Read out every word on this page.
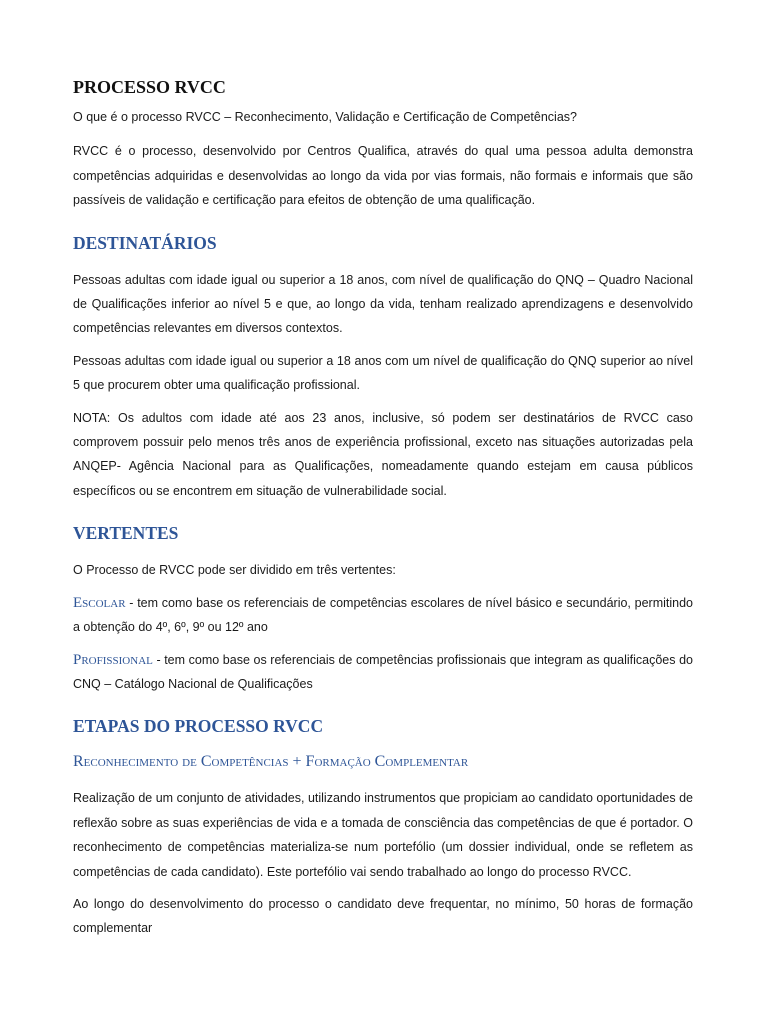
PROCESSO RVCC

O que é o processo RVCC – Reconhecimento, Validação e Certificação de Competências?

RVCC é o processo, desenvolvido por Centros Qualifica, através do qual uma pessoa adulta demonstra competências adquiridas e desenvolvidas ao longo da vida por vias formais, não formais e informais que são passíveis de validação e certificação para efeitos de obtenção de uma qualificação.

DESTINATÁRIOS

Pessoas adultas com idade igual ou superior a 18 anos, com nível de qualificação do QNQ – Quadro Nacional de Qualificações inferior ao nível 5 e que, ao longo da vida, tenham realizado aprendizagens e desenvolvido competências relevantes em diversos contextos.

Pessoas adultas com idade igual ou superior a 18 anos com um nível de qualificação do QNQ superior ao nível 5 que procurem obter uma qualificação profissional.

NOTA: Os adultos com idade até aos 23 anos, inclusive, só podem ser destinatários de RVCC caso comprovem possuir pelo menos três anos de experiência profissional, exceto nas situações autorizadas pela ANQEP- Agência Nacional para as Qualificações, nomeadamente quando estejam em causa públicos específicos ou se encontrem em situação de vulnerabilidade social.

VERTENTES

O Processo de RVCC pode ser dividido em três vertentes:

Escolar - tem como base os referenciais de competências escolares de nível básico e secundário, permitindo a obtenção do 4º, 6º, 9º ou 12º ano

Profissional - tem como base os referenciais de competências profissionais que integram as qualificações do CNQ – Catálogo Nacional de Qualificações

ETAPAS DO PROCESSO RVCC
Reconhecimento de Competências + Formação Complementar

Realização de um conjunto de atividades, utilizando instrumentos que propiciam ao candidato oportunidades de reflexão sobre as suas experiências de vida e a tomada de consciência das competências de que é portador. O reconhecimento de competências materializa-se num portefólio (um dossier individual, onde se refletem as competências de cada candidato). Este portefólio vai sendo trabalhado ao longo do processo RVCC.

Ao longo do desenvolvimento do processo o candidato deve frequentar, no mínimo, 50 horas de formação complementar
